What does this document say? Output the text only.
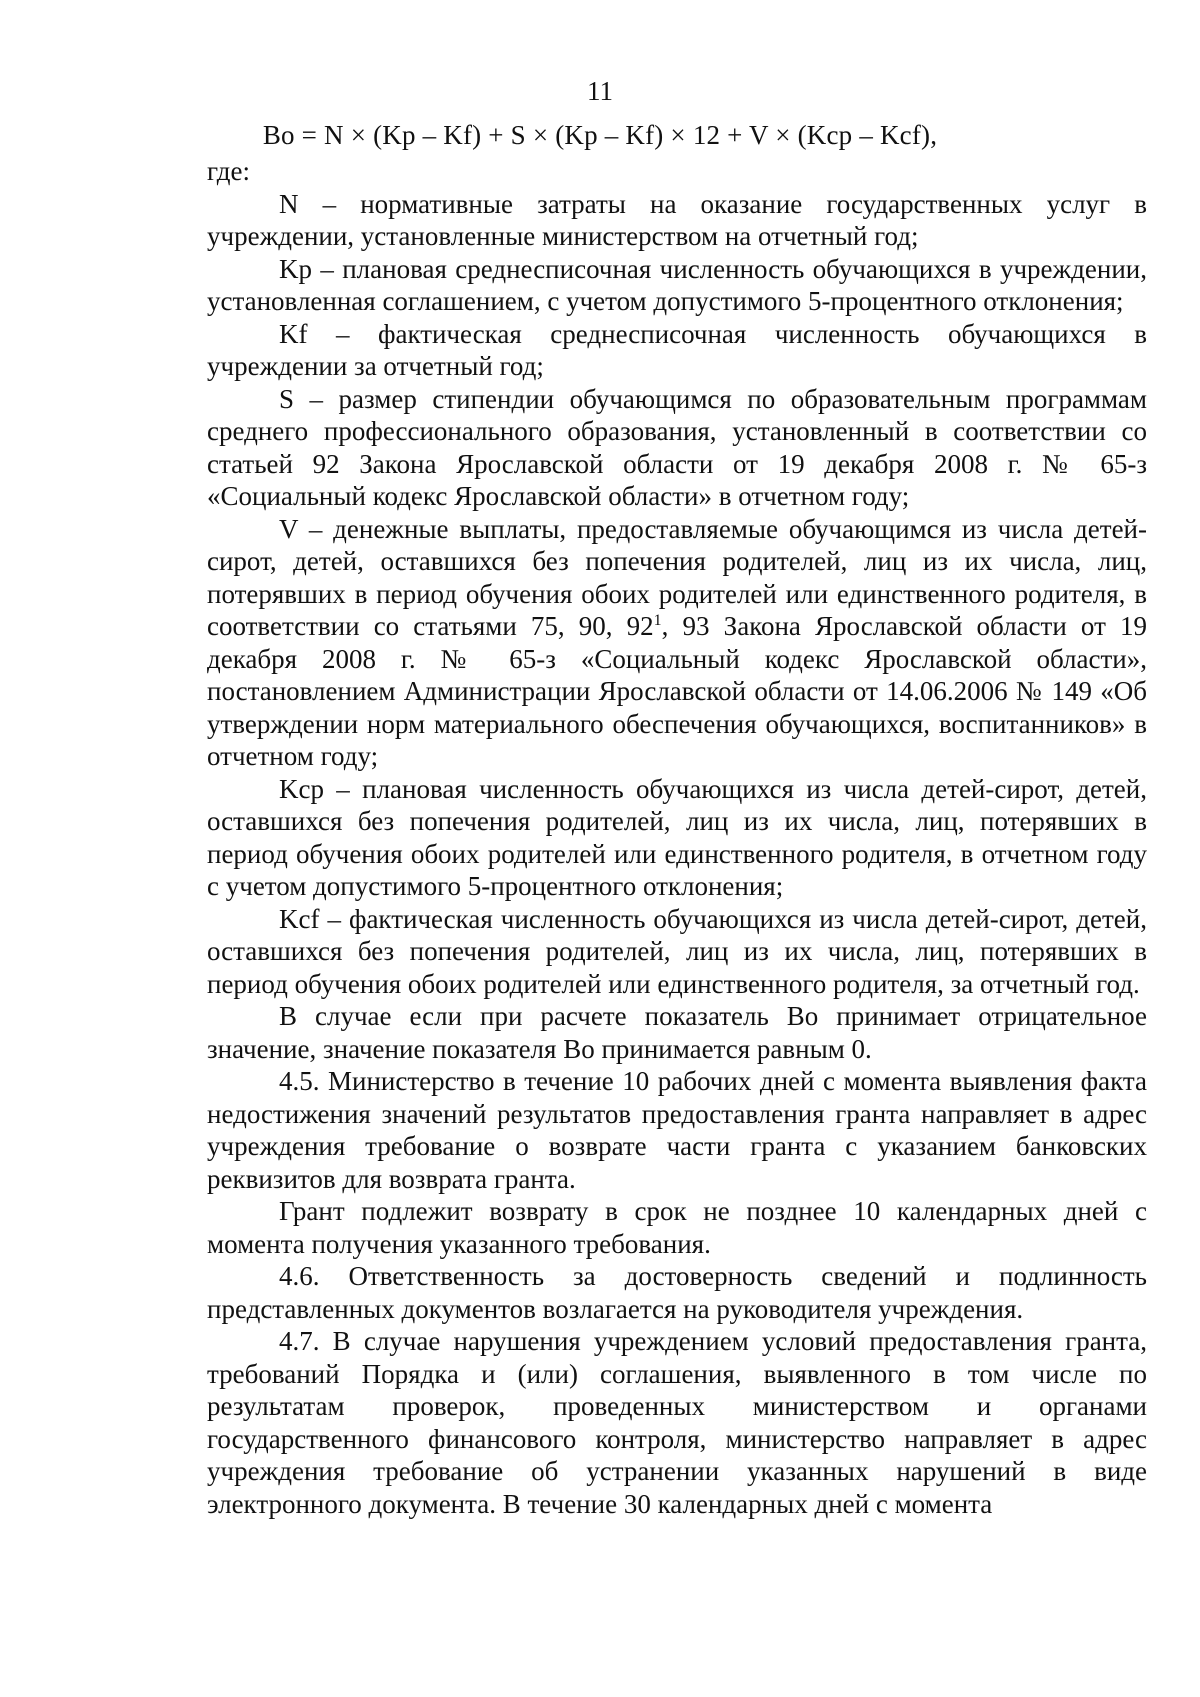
11
Bo = N × (Kp – Kf) + S × (Kp – Kf) × 12 + V × (Kcp – Kcf),

где:

N – нормативные затраты на оказание государственных услуг в учреждении, установленные министерством на отчетный год;

Kp – плановая среднесписочная численность обучающихся в учреждении, установленная соглашением, с учетом допустимого 5-процентного отклонения;

Kf – фактическая среднесписочная численность обучающихся в учреждении за отчетный год;

S – размер стипендии обучающимся по образовательным программам среднего профессионального образования, установленный в соответствии со статьей 92 Закона Ярославской области от 19 декабря 2008 г. № 65-з «Социальный кодекс Ярославской области» в отчетном году;

V – денежные выплаты, предоставляемые обучающимся из числа детей-сирот, детей, оставшихся без попечения родителей, лиц из их числа, лиц, потерявших в период обучения обоих родителей или единственного родителя, в соответствии со статьями 75, 90, $92^1$, 93 Закона Ярославской области от 19 декабря 2008 г. № 65-з «Социальный кодекс Ярославской области», постановлением Администрации Ярославской области от 14.06.2006 № 149 «Об утверждении норм материального обеспечения обучающихся, воспитанников» в отчетном году;

Kcp – плановая численность обучающихся из числа детей-сирот, детей, оставшихся без попечения родителей, лиц из их числа, лиц, потерявших в период обучения обоих родителей или единственного родителя, в отчетном году с учетом допустимого 5-процентного отклонения;

Kcf – фактическая численность обучающихся из числа детей-сирот, детей, оставшихся без попечения родителей, лиц из их числа, лиц, потерявших в период обучения обоих родителей или единственного родителя, за отчетный год.

В случае если при расчете показатель Bo принимает отрицательное значение, значение показателя Bo принимается равным 0.

4.5. Министерство в течение 10 рабочих дней с момента выявления факта недостижения значений результатов предоставления гранта направляет в адрес учреждения требование о возврате части гранта с указанием банковских реквизитов для возврата гранта.

Грант подлежит возврату в срок не позднее 10 календарных дней с момента получения указанного требования.

4.6. Ответственность за достоверность сведений и подлинность представленных документов возлагается на руководителя учреждения.

4.7. В случае нарушения учреждением условий предоставления гранта, требований Порядка и (или) соглашения, выявленного в том числе по результатам проверок, проведенных министерством и органами государственного финансового контроля, министерство направляет в адрес учреждения требование об устранении указанных нарушений в виде электронного документа. В течение 30 календарных дней с момента
